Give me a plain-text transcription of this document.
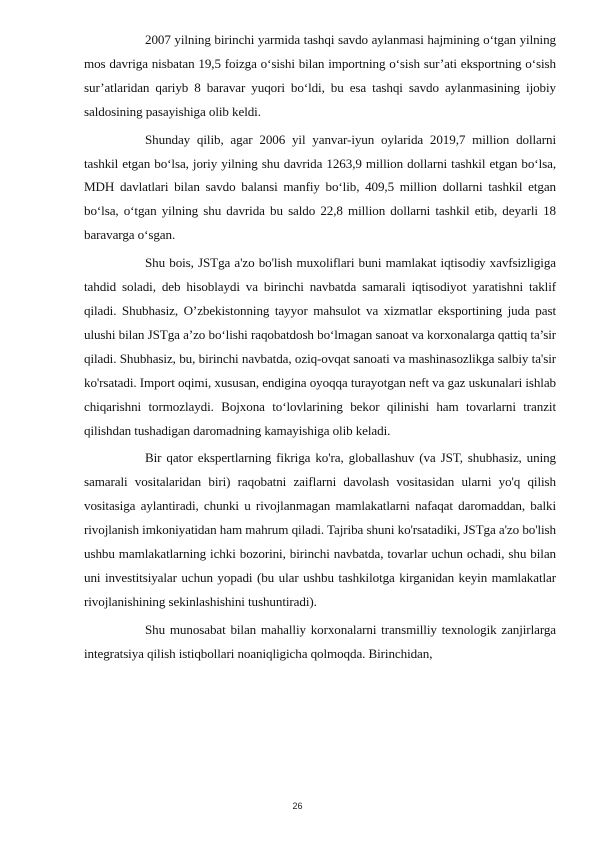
2007 yilning birinchi yarmida tashqi savdo aylanmasi hajmining o‘tgan yilning mos davriga nisbatan 19,5 foizga o‘sishi bilan importning o‘sish sur’ati eksportning o‘sish sur’atlaridan qariyb 8 baravar yuqori bo‘ldi, bu esa tashqi savdo aylanmasining ijobiy saldosining pasayishiga olib keldi.

Shunday qilib, agar 2006 yil yanvar-iyun oylarida 2019,7 million dollarni tashkil etgan bo‘lsa, joriy yilning shu davrida 1263,9 million dollarni tashkil etgan bo‘lsa, MDH davlatlari bilan savdo balansi manfiy bo‘lib, 409,5 million dollarni tashkil etgan bo‘lsa, o‘tgan yilning shu davrida bu saldo 22,8 million dollarni tashkil etib, deyarli 18 baravarga o‘sgan.

Shu bois, JSTga a'zo bo'lish muxoliflari buni mamlakat iqtisodiy xavfsizligiga tahdid soladi, deb hisoblaydi va birinchi navbatda samarali iqtisodiyot yaratishni taklif qiladi. Shubhasiz, O’zbekistonning tayyor mahsulot va xizmatlar eksportining juda past ulushi bilan JSTga a’zo bo‘lishi raqobatdosh bo‘lmagan sanoat va korxonalarga qattiq ta’sir qiladi. Shubhasiz, bu, birinchi navbatda, oziq-ovqat sanoati va mashinasozlikga salbiy ta'sir ko'rsatadi. Import oqimi, xususan, endigina oyoqqa turayotgan neft va gaz uskunalari ishlab chiqarishni tormozlaydi. Bojxona to‘lovlarining bekor qilinishi ham tovarlarni tranzit qilishdan tushadigan daromadning kamayishiga olib keladi.

Bir qator ekspertlarning fikriga ko'ra, globallashuv (va JST, shubhasiz, uning samarali vositalaridan biri) raqobatni zaiflarni davolash vositasidan ularni yo'q qilish vositasiga aylantiradi, chunki u rivojlanmagan mamlakatlarni nafaqat daromaddan, balki rivojlanish imkoniyatidan ham mahrum qiladi. Tajriba shuni ko'rsatadiki, JSTga a'zo bo'lish ushbu mamlakatlarning ichki bozorini, birinchi navbatda, tovarlar uchun ochadi, shu bilan uni investitsiyalar uchun yopadi (bu ular ushbu tashkilotga kirganidan keyin mamlakatlar rivojlanishining sekinlashishini tushuntiradi).

Shu munosabat bilan mahalliy korxonalarni transmilliy texnologik zanjirlarga integratsiya qilish istiqbollari noaniqligicha qolmoqda. Birinchidan,

26
